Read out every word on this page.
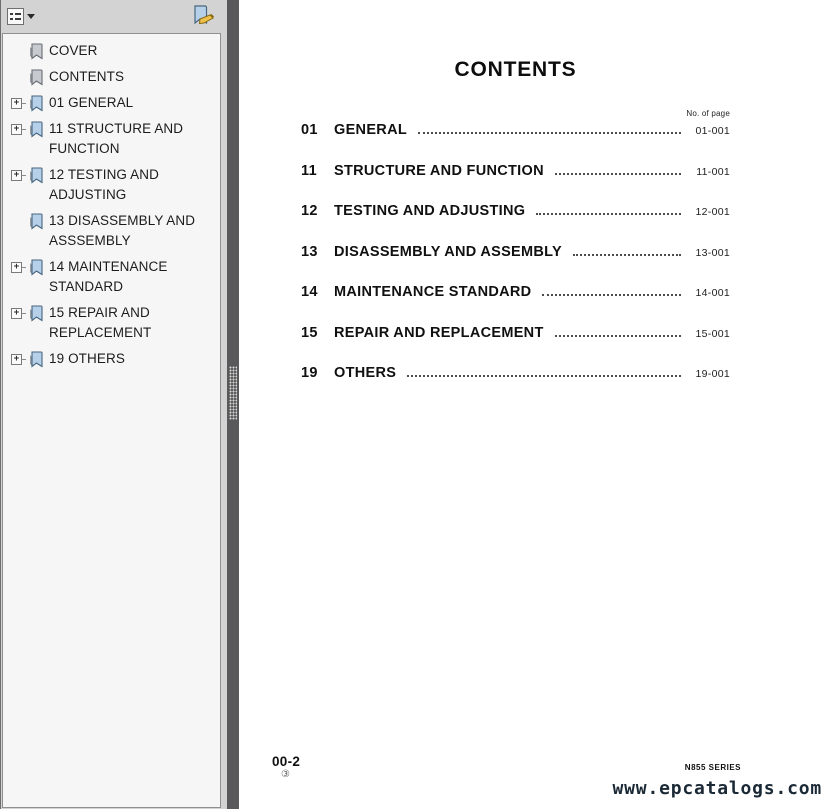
COVER
CONTENTS
+ 01 GENERAL
+ 11 STRUCTURE AND FUNCTION
+ 12 TESTING AND ADJUSTING
13 DISASSEMBLY AND ASSSEMBLY
+ 14 MAINTENANCE STANDARD
+ 15 REPAIR AND REPLACEMENT
+ 19 OTHERS
CONTENTS
No. of page
01	GENERAL	01-001
11	STRUCTURE AND FUNCTION	11-001
12	TESTING AND ADJUSTING	12-001
13	DISASSEMBLY AND ASSEMBLY	13-001
14	MAINTENANCE STANDARD	14-001
15	REPAIR AND REPLACEMENT	15-001
19	OTHERS	19-001
00-2
③
N855 SERIES
www.epcatalogs.com
